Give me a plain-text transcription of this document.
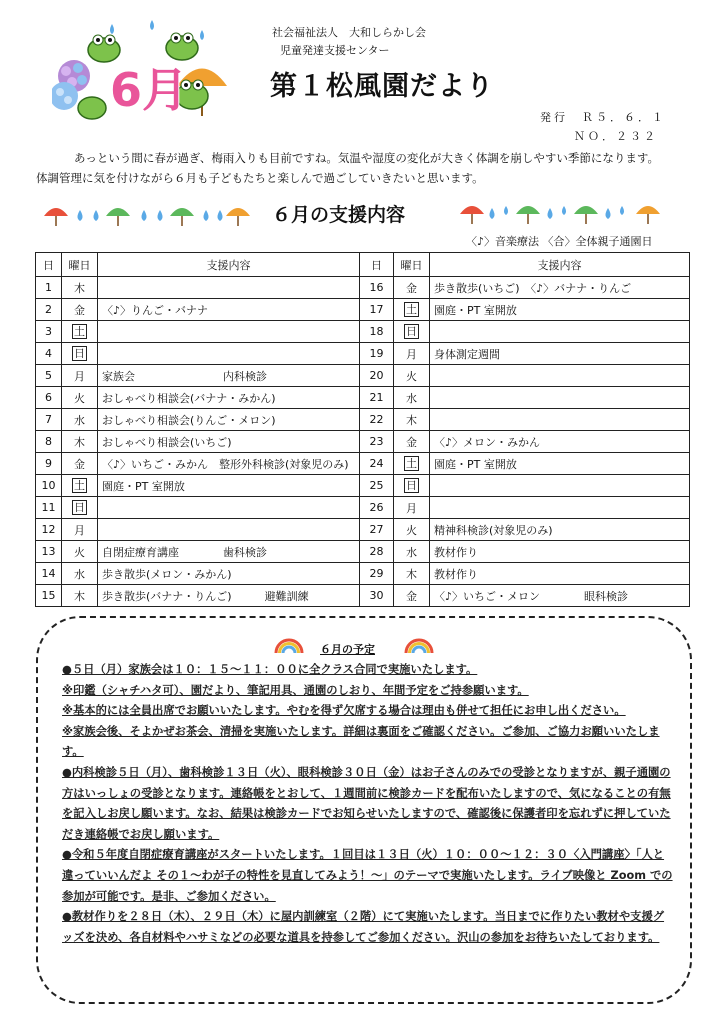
6月
社会福祉法人　大和しらかし会
児童発達支援センター
第１松風園だより
発行　Ｒ５．６．１
ＮＯ．２３２

あっという間に春が過ぎ、梅雨入りも目前ですね。気温や湿度の変化が大きく体調を崩しやすい季節になります。

体調管理に気を付けながら６月も子どもたちと楽しんで過ごしていきたいと思います。

６月の支援内容
〈♪〉音楽療法 〈合〉全体親子通園日
日	曜日	支援内容	日	曜日	支援内容
1	木		16	金	歩き散歩(いちご)　〈♪〉バナナ・りんご
2	金	〈♪〉りんご・バナナ	17	土	園庭・PT 室開放
3	土		18	日	
4	日		19	月	身体測定週間
5	月	家族会　　　　　　　　内科検診	20	火	
6	火	おしゃべり相談会(バナナ・みかん)	21	水	
7	水	おしゃべり相談会(りんご・メロン)	22	木	
8	木	おしゃべり相談会(いちご)	23	金	〈♪〉メロン・みかん
9	金	〈♪〉いちご・みかん　整形外科検診(対象児のみ)	24	土	園庭・PT 室開放
10	土	園庭・PT 室開放	25	日	
11	日		26	月	
12	月		27	火	精神科検診(対象児のみ)
13	火	自閉症療育講座　　　　歯科検診	28	水	教材作り
14	水	歩き散歩(メロン・みかん)	29	木	教材作り
15	木	歩き散歩(バナナ・りんご)　　　避難訓練	30	金	〈♪〉いちご・メロン　　　　眼科検診
６月の予定

●５日（月）家族会は１０：１５～１１：００に全クラス合同で実施いたします。

※印鑑（シャチハタ可）、園だより、筆記用具、通園のしおり、年間予定をご持参願います。

※基本的には全員出席でお願いいたします。やむを得ず欠席する場合は理由も併せて担任にお申し出ください。

※家族会後、そよかぜお茶会、清掃を実施いたします。詳細は裏面をご確認ください。ご参加、ご協力お願いいたします。

●内科検診５日（月）、歯科検診１３日（火）、眼科検診３０日（金）はお子さんのみでの受診となりますが、親子通園の方はいっしょの受診となります。連絡帳をとおして、１週間前に検診カードを配布いたしますので、気になることの有無を記入しお戻し願います。なお、結果は検診カードでお知らせいたしますので、確認後に保護者印を忘れずに押していただき連絡帳でお戻し願います。

●令和５年度自閉症療育講座がスタートいたします。１回目は１３日（火）１０：００～１２：３０〈入門講座〉「人と違っていいんだよ その１～わが子の特性を見直してみよう！～」のテーマで実施いたします。ライブ映像と Zoom での参加が可能です。是非、ご参加ください。

●教材作りを２８日（木）、２９日（木）に屋内訓練室（２階）にて実施いたします。当日までに作りたい教材や支援グッズを決め、各自材料やハサミなどの必要な道具を持参してご参加ください。沢山の参加をお待ちいたしております。
